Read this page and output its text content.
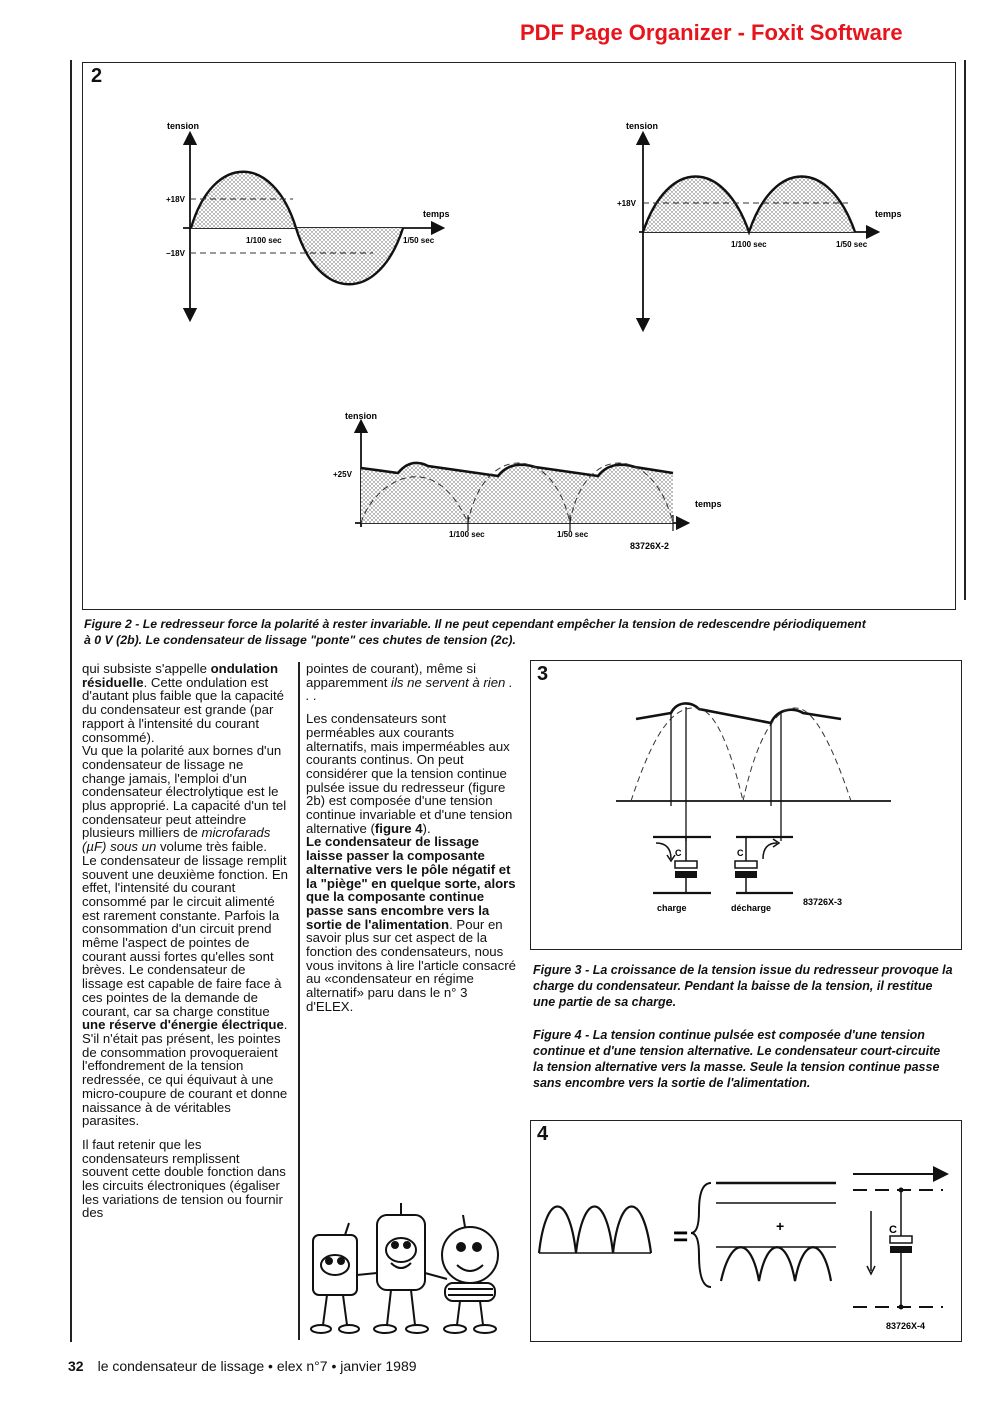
PDF Page Organizer - Foxit Software
2
tension
temps
+18V
−18V
1/100 sec	1/50 sec
tension
temps
+18V
1/100 sec	1/50 sec
tension
temps
+25V
1/100 sec	1/50 sec
83726X-2
Figure 2 - Le redresseur force la polarité à rester invariable. Il ne peut cependant empêcher la tension de redescendre périodiquement
à 0 V (2b). Le condensateur de lissage "ponte" ces chutes de tension (2c).

qui subsiste s'appelle ondulation résiduelle. Cette ondulation est d'autant plus faible que la capacité du condensateur est grande (par rapport à l'intensité du courant consommé).

Vu que la polarité aux bornes d'un condensateur de lissage ne change jamais, l'emploi d'un condensateur électrolytique est le plus approprié. La capacité d'un tel condensateur peut atteindre plusieurs milliers de microfarads (µF) sous un volume très faible.

Le condensateur de lissage remplit souvent une deuxième fonction. En effet, l'intensité du courant consommé par le circuit alimenté est rarement constante. Parfois la consommation d'un circuit prend même l'aspect de pointes de courant aussi fortes qu'elles sont brèves. Le condensateur de lissage est capable de faire face à ces pointes de la demande de courant, car sa charge constitue une réserve d'énergie électrique. S'il n'était pas présent, les pointes de consommation provoqueraient l'effondrement de la tension redressée, ce qui équivaut à une micro-coupure de courant et donne naissance à de véritables parasites.

Il faut retenir que les condensateurs remplissent souvent cette double fonction dans les circuits électroniques (égaliser les variations de tension ou fournir des

pointes de courant), même si apparemment ils ne servent à rien . . .

Les condensateurs sont perméables aux courants alternatifs, mais imperméables aux courants continus. On peut considérer que la tension continue pulsée issue du redresseur (figure 2b) est composée d'une tension continue invariable et d'une tension alternative (figure 4).
Le condensateur de lissage laisse passer la composante alternative vers le pôle négatif et la "piège" en quelque sorte, alors que la composante continue passe sans encombre vers la sortie de l'alimentation. Pour en savoir plus sur cet aspect de la fonction des condensateurs, nous vous invitons à lire l'article consacré au «condensateur en régime alternatif» paru dans le n° 3 d'ELEX.

3
C
charge
C
décharge
83726X-3
Figure 3 - La croissance de la tension issue du redresseur provoque la charge du condensateur. Pendant la baisse de la tension, il restitue une partie de sa charge.
Figure 4 - La tension continue pulsée est composée d'une tension continue et d'une tension alternative. Le condensateur court-circuite la tension alternative vers la masse. Seule la tension continue passe sans encombre vers la sortie de l'alimentation.
4
=	+	C
83726X-4
32 le condensateur de lissage • elex n°7 • janvier 1989
